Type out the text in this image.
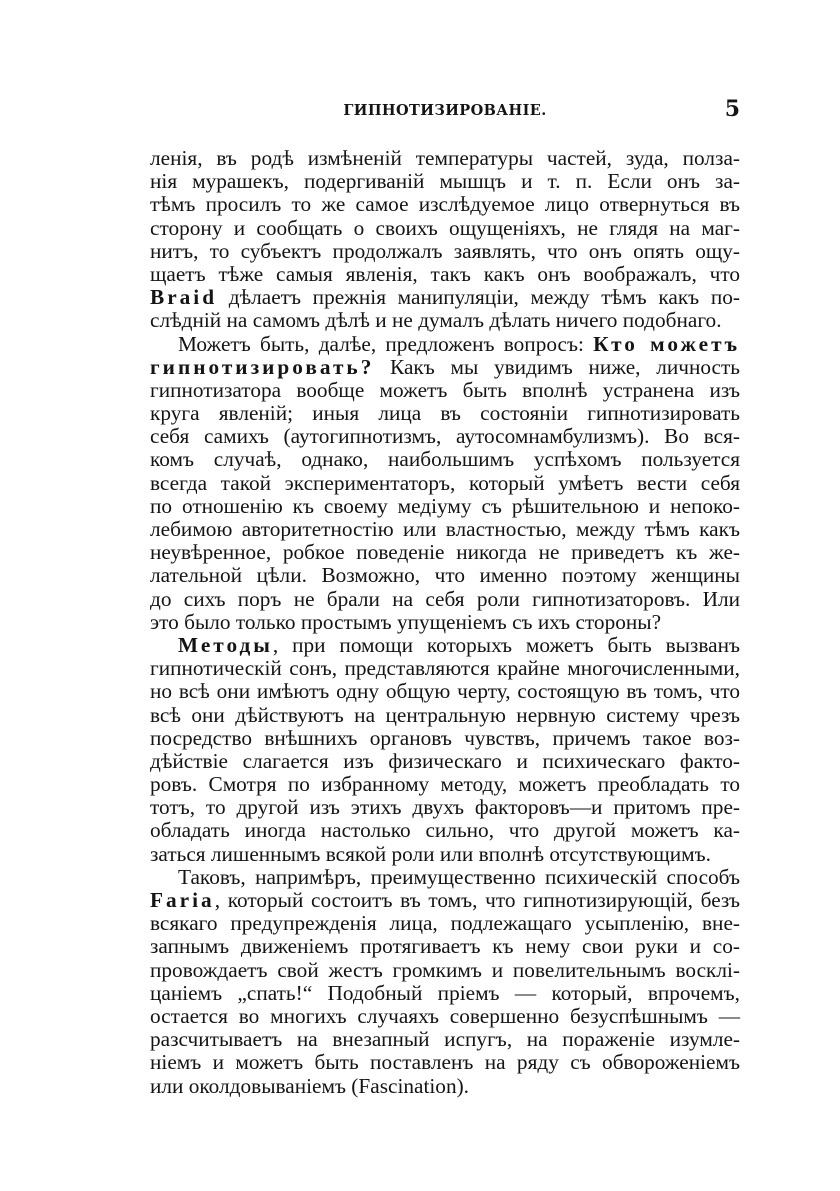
ГИПНОТИЗИРОВАНІЕ.	5
ленія, въ родѣ измѣненій температуры частей, зуда, полза-
нія мурашекъ, подергиваній мышцъ и т. п. Если онъ за-
тѣмъ просилъ то же самое изслѣдуемое лицо отвернуться въ
сторону и сообщать о своихъ ощущеніяхъ, не глядя на маг-
нитъ, то субъектъ продолжалъ заявлять, что онъ опять ощу-
щаетъ тѣже самыя явленія, такъ какъ онъ воображалъ, что
Braid дѣлаетъ прежнія манипуляціи, между тѣмъ какъ по-
слѣдній на самомъ дѣлѣ и не думалъ дѣлать ничего подобнаго.
Можетъ быть, далѣе, предложенъ вопросъ: Кто можетъ
гипнотизировать? Какъ мы увидимъ ниже, личность
гипнотизатора вообще можетъ быть вполнѣ устранена изъ
круга явленій; иныя лица въ состояніи гипнотизировать
себя самихъ (аутогипнотизмъ, аутосомнамбулизмъ). Во вся-
комъ случаѣ, однако, наибольшимъ успѣхомъ пользуется
всегда такой экспериментаторъ, который умѣетъ вести себя
по отношенію къ своему медіуму съ рѣшительною и непоко-
лебимою авторитетностію или властностью, между тѣмъ какъ
неувѣренное, робкое поведеніе никогда не приведетъ къ же-
лательной цѣли. Возможно, что именно поэтому женщины
до сихъ поръ не брали на себя роли гипнотизаторовъ. Или
это было только простымъ упущеніемъ съ ихъ стороны?
Методы, при помощи которыхъ можетъ быть вызванъ
гипнотическій сонъ, представляются крайне многочисленными,
но всѣ они имѣютъ одну общую черту, состоящую въ томъ, что
всѣ они дѣйствуютъ на центральную нервную систему чрезъ
посредство внѣшнихъ органовъ чувствъ, причемъ такое воз-
дѣйствіе слагается изъ физическаго и психическаго факто-
ровъ. Смотря по избранному методу, можетъ преобладать то
тотъ, то другой изъ этихъ двухъ факторовъ—и притомъ пре-
обладать иногда настолько сильно, что другой можетъ ка-
заться лишеннымъ всякой роли или вполнѣ отсутствующимъ.
Таковъ, напримѣръ, преимущественно психическій способъ
Faria, который состоитъ въ томъ, что гипнотизирующій, безъ
всякаго предупрежденія лица, подлежащаго усыпленію, вне-
запнымъ движеніемъ протягиваетъ къ нему свои руки и со-
провождаетъ свой жестъ громкимъ и повелительнымъ восклі-
цаніемъ „спать!“ Подобный пріемъ — который, впрочемъ,
остается во многихъ случаяхъ совершенно безуспѣшнымъ —
разсчитываетъ на внезапный испугъ, на пораженіе изумле-
ніемъ и можетъ быть поставленъ на ряду съ обвороженіемъ
или околдовываніемъ (Fascination).
